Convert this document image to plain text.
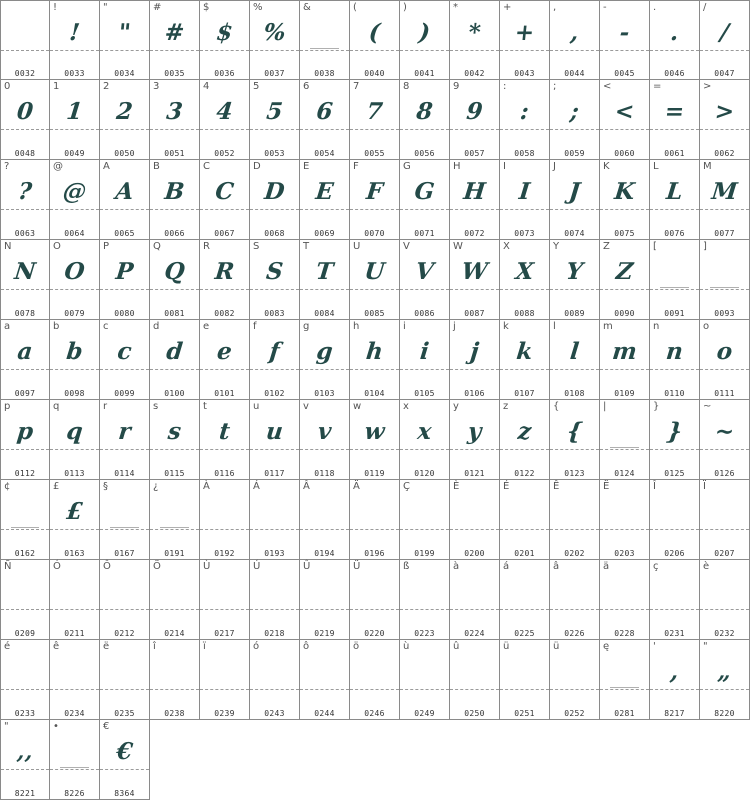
0032
!
!
0033
"
"
0034
#
#
0035
$
$
0036
%
%
0037
&
0038
(
(
0040
)
)
0041
*
*
0042
+
+
0043
,
,
0044
-
-
0045
.
.
0046
/
/
0047
0
0
0048
1
1
0049
2
2
0050
3
3
0051
4
4
0052
5
5
0053
6
6
0054
7
7
0055
8
8
0056
9
9
0057
:
:
0058
;
;
0059
<
<
0060
=
=
0061
>
>
0062
?
?
0063
@
@
0064
A
A
0065
B
B
0066
C
C
0067
D
D
0068
E
E
0069
F
F
0070
G
G
0071
H
H
0072
I
I
0073
J
J
0074
K
K
0075
L
L
0076
M
M
0077
N
N
0078
O
O
0079
P
P
0080
Q
Q
0081
R
R
0082
S
S
0083
T
T
0084
U
U
0085
V
V
0086
W
W
0087
X
X
0088
Y
Y
0089
Z
Z
0090
[
0091
]
0093
a
a
0097
b
b
0098
c
c
0099
d
d
0100
e
e
0101
f
f
0102
g
g
0103
h
h
0104
i
i
0105
j
j
0106
k
k
0107
l
l
0108
m
m
0109
n
n
0110
o
o
0111
p
p
0112
q
q
0113
r
r
0114
s
s
0115
t
t
0116
u
u
0117
v
v
0118
w
w
0119
x
x
0120
y
y
0121
z
z
0122
{
{
0123
|
0124
}
}
0125
~
~
0126
¢
0162
£
£
0163
§
0167
¿
0191
À
0192
Á
0193
Â
0194
Ä
0196
Ç
0199
È
0200
É
0201
Ê
0202
Ë
0203
Î
0206
Ï
0207
Ñ
0209
Ó
0211
Ô
0212
Ö
0214
Ù
0217
Ú
0218
Û
0219
Ü
0220
ß
0223
à
0224
á
0225
â
0226
ä
0228
ç
0231
è
0232
é
0233
ê
0234
ë
0235
î
0238
ï
0239
ó
0243
ô
0244
ö
0246
ù
0249
û
0250
ü
0251
ü
0252
ę
0281
'
,
8217
"
„
8220
"
‚‚
8221
•
8226
€
€
8364
